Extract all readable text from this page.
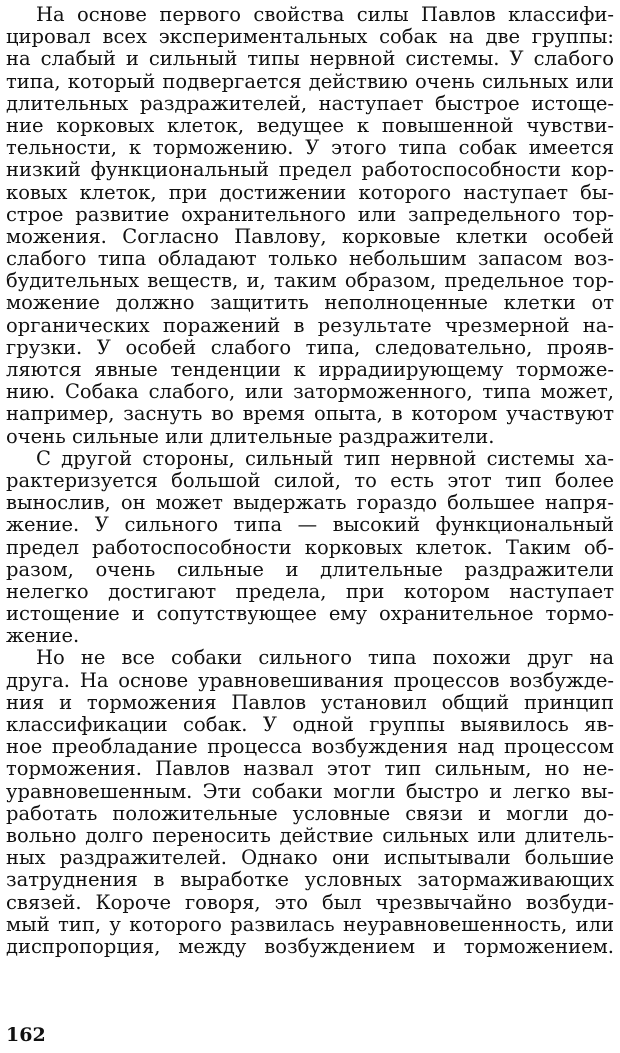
На основе первого свойства силы Павлов классифи-
цировал всех экспериментальных собак на две группы:
на слабый и сильный типы нервной системы. У слабого
типа, который подвергается действию очень сильных или
длительных раздражителей, наступает быстрое истоще-
ние корковых клеток, ведущее к повышенной чувстви-
тельности, к торможению. У этого типа собак имеется
низкий функциональный предел работоспособности кор-
ковых клеток, при достижении которого наступает бы-
строе развитие охранительного или запредельного тор-
можения. Согласно Павлову, корковые клетки особей
слабого типа обладают только небольшим запасом воз-
будительных веществ, и, таким образом, предельное тор-
можение должно защитить неполноценные клетки от
органических поражений в результате чрезмерной на-
грузки. У особей слабого типа, следовательно, прояв-
ляются явные тенденции к иррадиирующему торможе-
нию. Собака слабого, или заторможенного, типа может,
например, заснуть во время опыта, в котором участвуют
очень сильные или длительные раздражители.
С другой стороны, сильный тип нервной системы ха-
рактеризуется большой силой, то есть этот тип более
вынослив, он может выдержать гораздо большее напря-
жение. У сильного типа — высокий функциональный
предел работоспособности корковых клеток. Таким об-
разом, очень сильные и длительные раздражители
нелегко достигают предела, при котором наступает
истощение и сопутствующее ему охранительное тормо-
жение.
Но не все собаки сильного типа похожи друг на
друга. На основе уравновешивания процессов возбужде-
ния и торможения Павлов установил общий принцип
классификации собак. У одной группы выявилось яв-
ное преобладание процесса возбуждения над процессом
торможения. Павлов назвал этот тип сильным, но не-
уравновешенным. Эти собаки могли быстро и легко вы-
работать положительные условные связи и могли до-
вольно долго переносить действие сильных или длитель-
ных раздражителей. Однако они испытывали большие
затруднения в выработке условных затормаживающих
связей. Короче говоря, это был чрезвычайно возбуди-
мый тип, у которого развилась неуравновешенность, или
диспропорция, между возбуждением и торможением.
162
